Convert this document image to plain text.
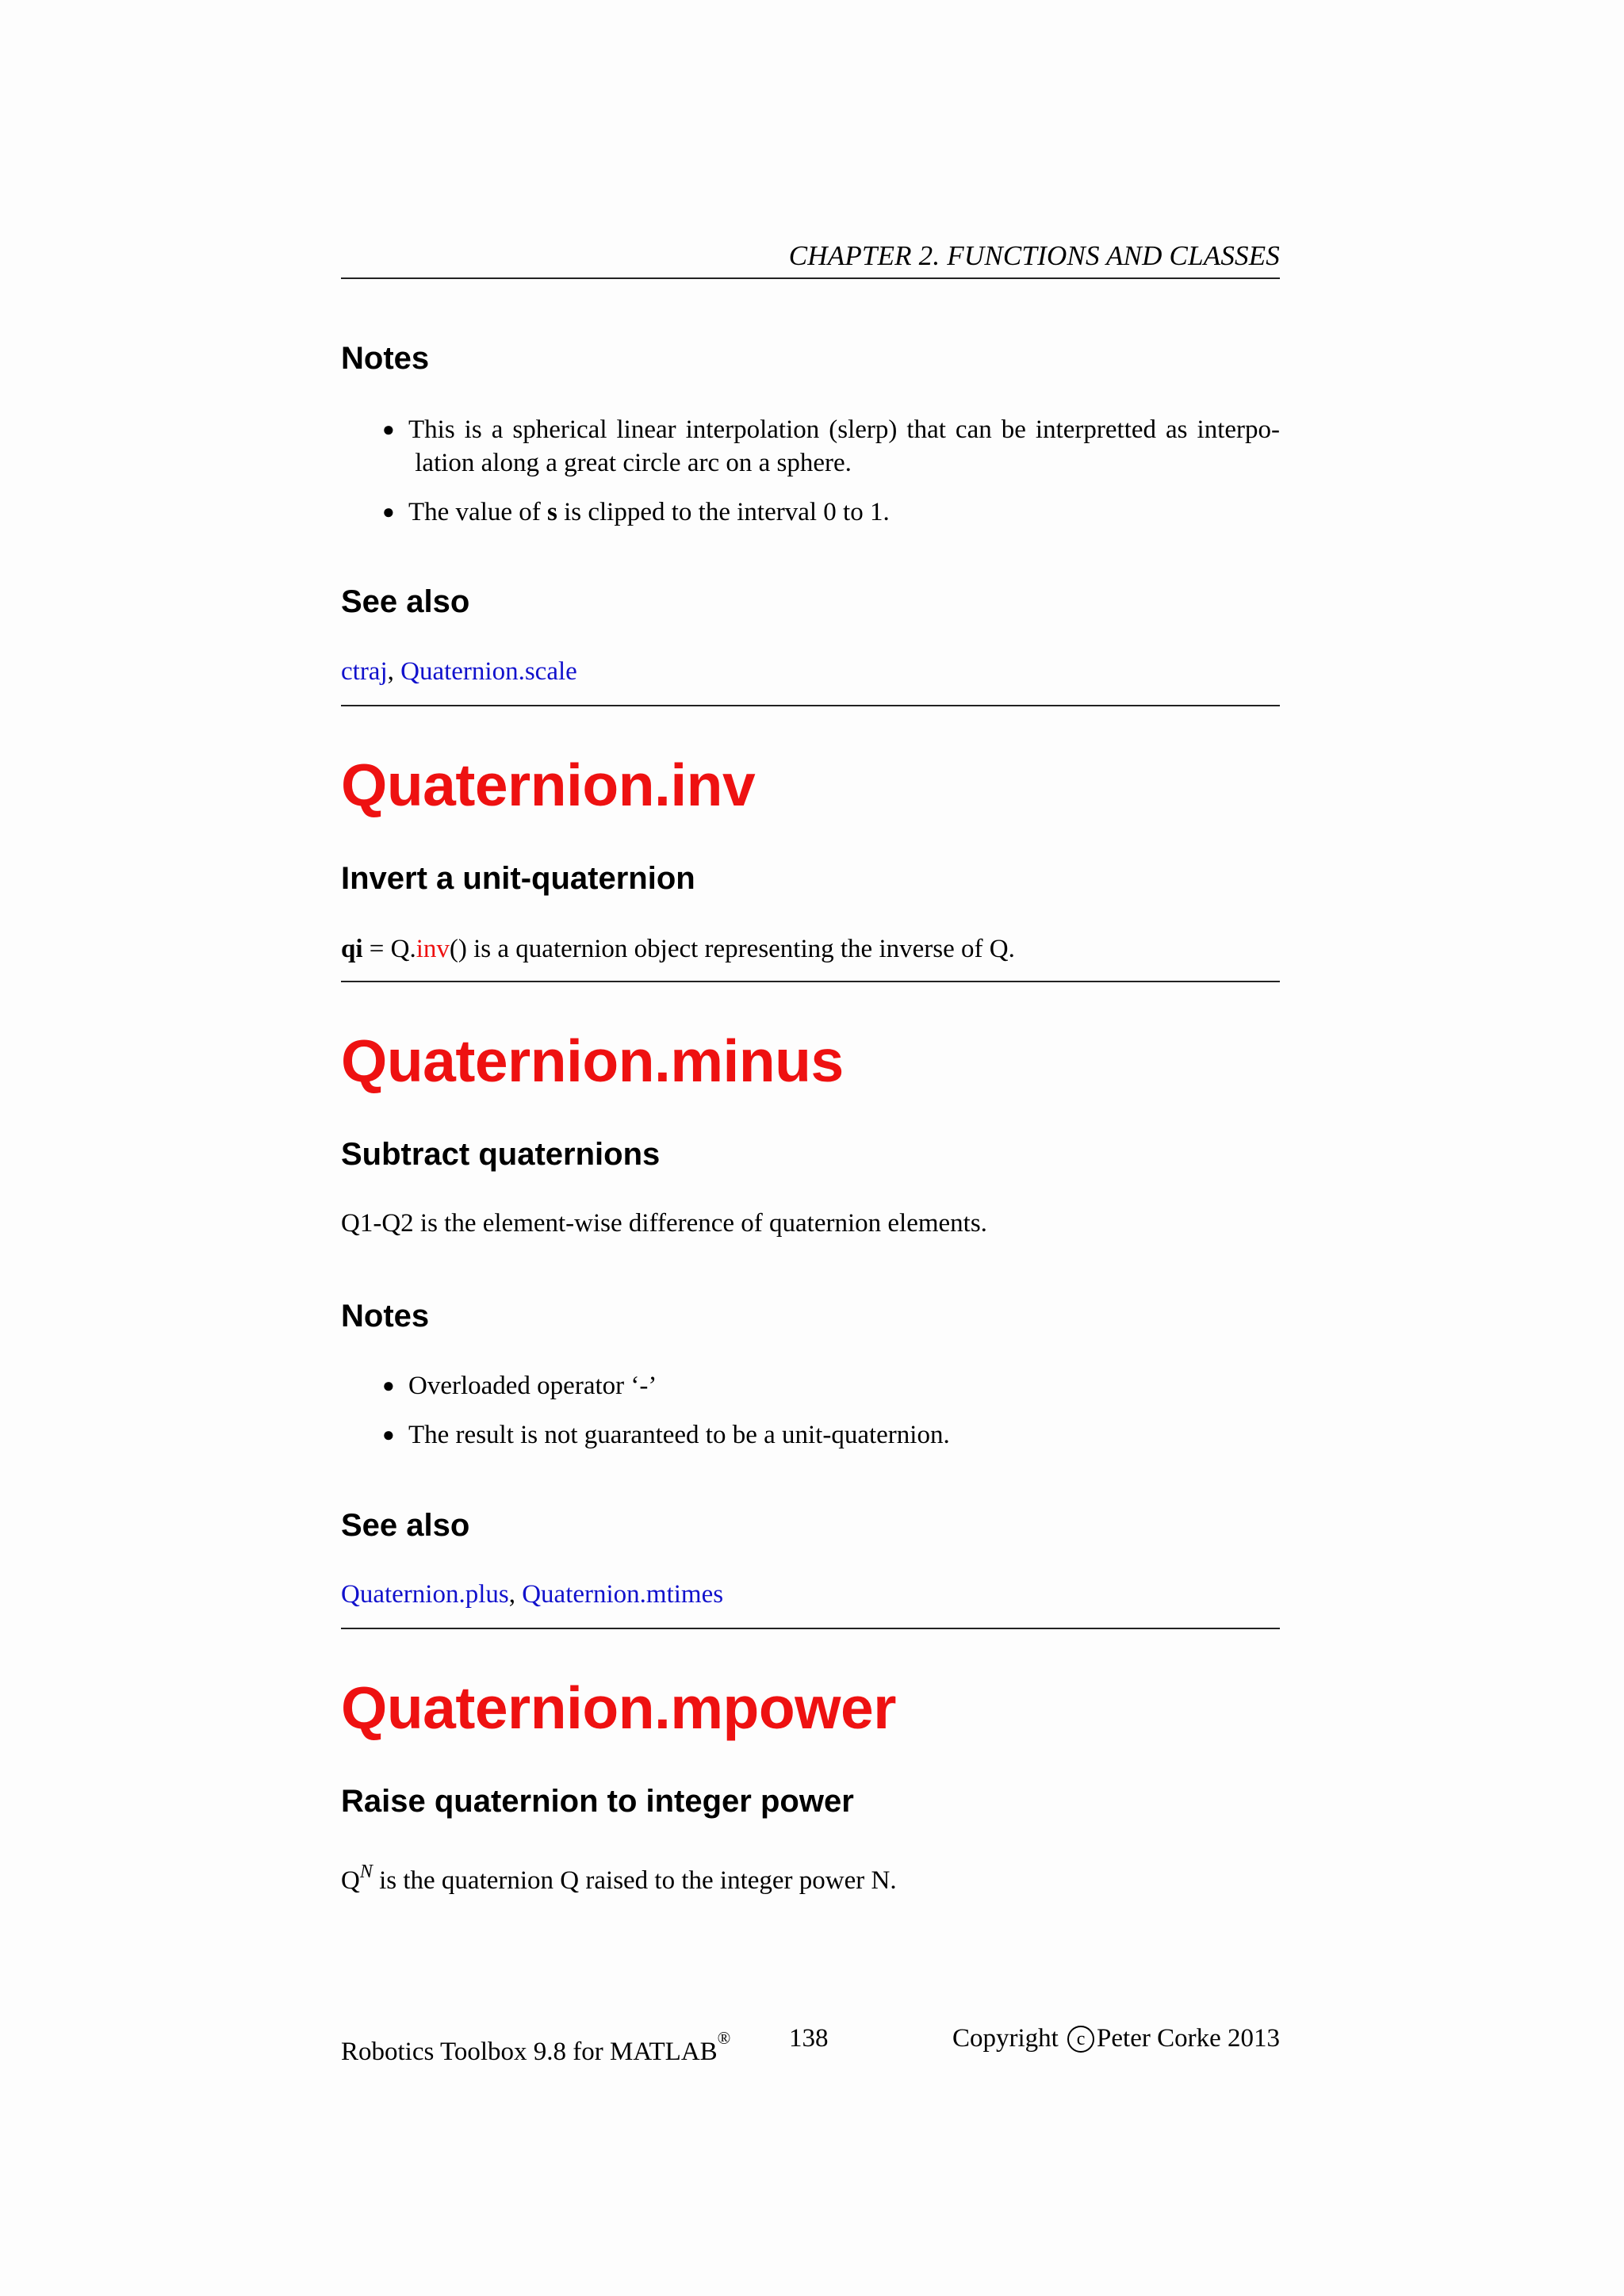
CHAPTER 2. FUNCTIONS AND CLASSES
Notes
● This is a spherical linear interpolation (slerp) that can be interpretted as interpo- lation along a great circle arc on a sphere.
● The value of s is clipped to the interval 0 to 1.
See also
ctraj, Quaternion.scale
Quaternion.inv
Invert a unit-quaternion
qi = Q.inv() is a quaternion object representing the inverse of Q.
Quaternion.minus
Subtract quaternions
Q1-Q2 is the element-wise difference of quaternion elements.
Notes
● Overloaded operator ‘-’
● The result is not guaranteed to be a unit-quaternion.
See also
Quaternion.plus, Quaternion.mtimes
Quaternion.mpower
Raise quaternion to integer power
$Q^N$ is the quaternion Q raised to the integer power N.
Robotics Toolbox 9.8 for MATLAB® 138	Copyright c Peter Corke 2013
